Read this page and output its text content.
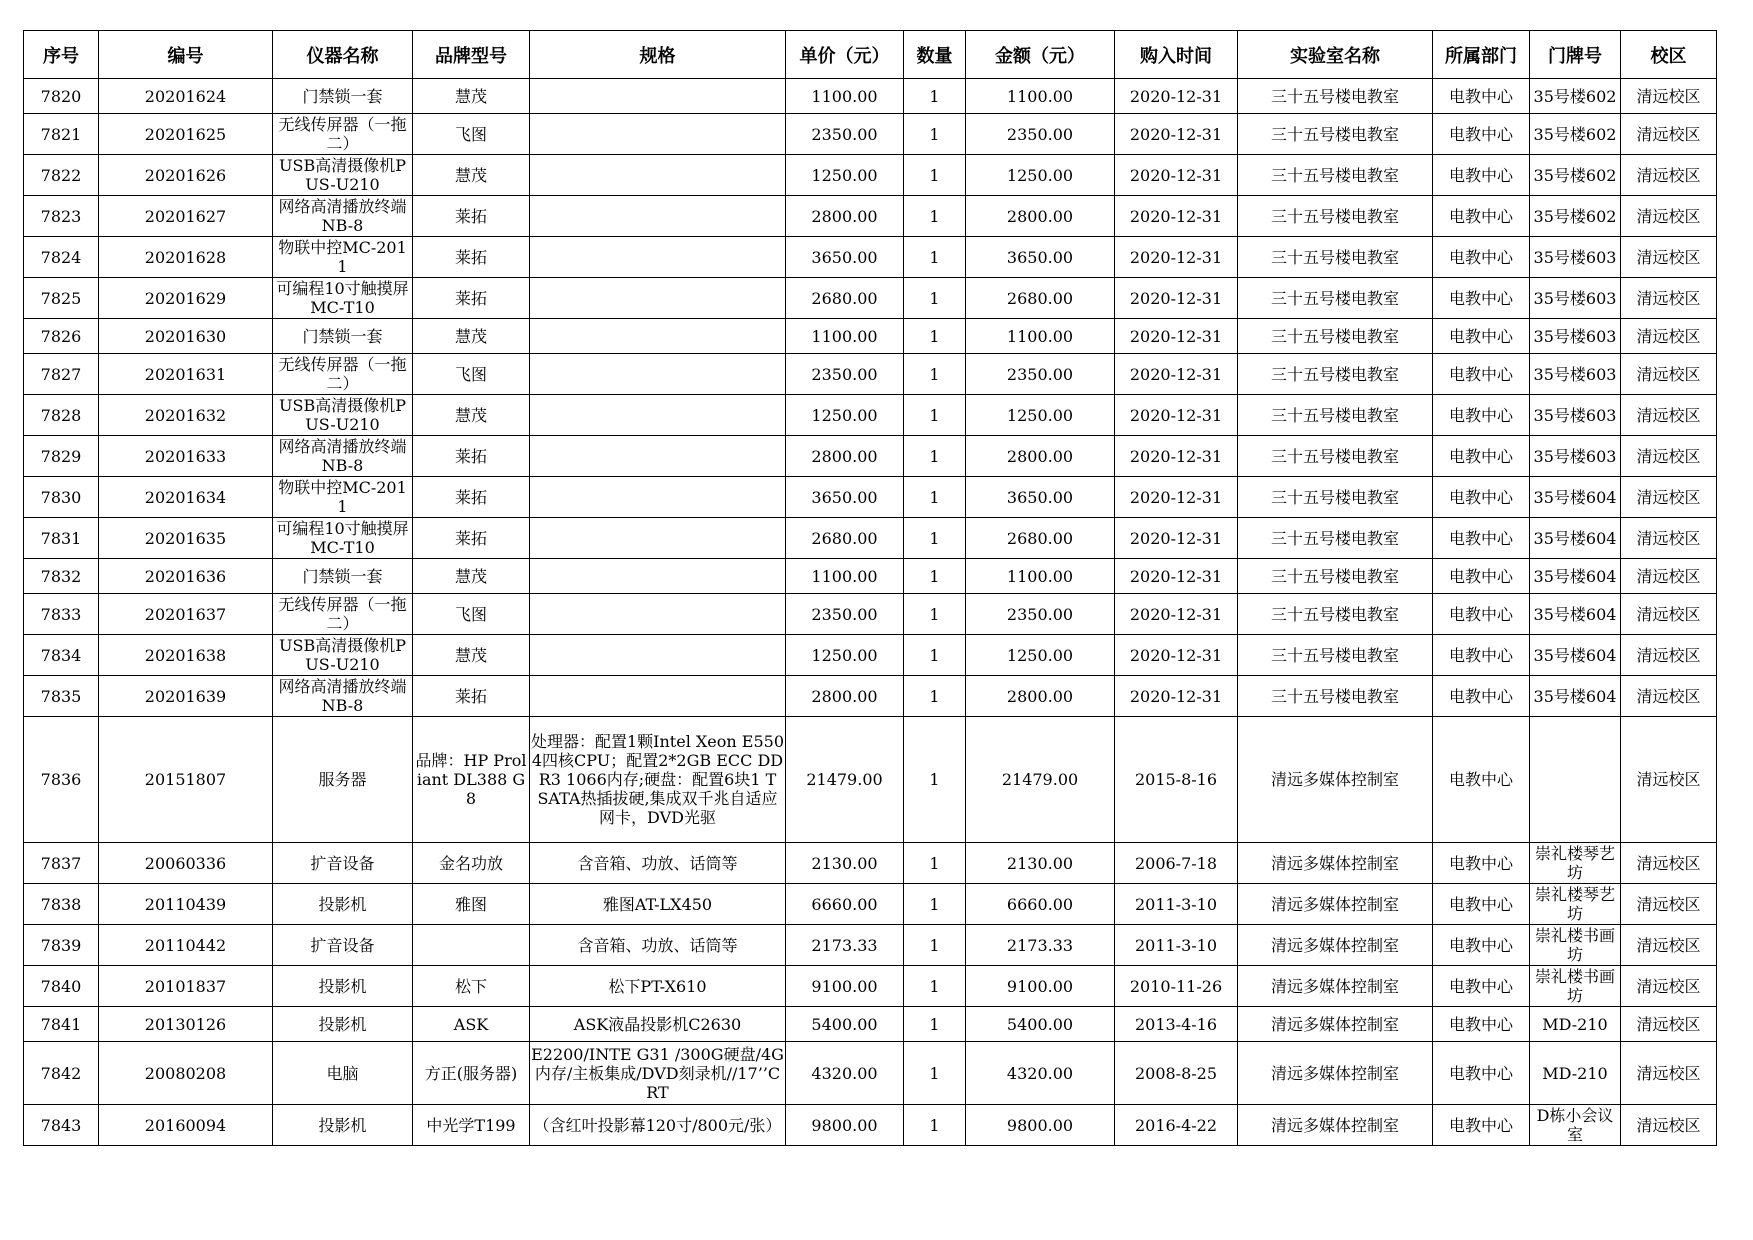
序号	编号	仪器名称	品牌型号	规格	单价（元）	数量	金额（元）	购入时间	实验室名称	所属部门	门牌号	校区

7820	20201624	门禁锁一套	慧茂		1100.00	1	1100.00	2020-12-31	三十五号楼电教室	电教中心	35号楼602	清远校区

7821	20201625	无线传屏器（一拖二）	飞图		2350.00	1	2350.00	2020-12-31	三十五号楼电教室	电教中心	35号楼602	清远校区

7822	20201626	USB高清摄像机PUS-U210	慧茂		1250.00	1	1250.00	2020-12-31	三十五号楼电教室	电教中心	35号楼602	清远校区

7823	20201627	网络高清播放终端NB-8	莱拓		2800.00	1	2800.00	2020-12-31	三十五号楼电教室	电教中心	35号楼602	清远校区

7824	20201628	物联中控MC-2011	莱拓		3650.00	1	3650.00	2020-12-31	三十五号楼电教室	电教中心	35号楼603	清远校区

7825	20201629	可编程10寸触摸屏MC-T10	莱拓		2680.00	1	2680.00	2020-12-31	三十五号楼电教室	电教中心	35号楼603	清远校区

7826	20201630	门禁锁一套	慧茂		1100.00	1	1100.00	2020-12-31	三十五号楼电教室	电教中心	35号楼603	清远校区

7827	20201631	无线传屏器（一拖二）	飞图		2350.00	1	2350.00	2020-12-31	三十五号楼电教室	电教中心	35号楼603	清远校区

7828	20201632	USB高清摄像机PUS-U210	慧茂		1250.00	1	1250.00	2020-12-31	三十五号楼电教室	电教中心	35号楼603	清远校区

7829	20201633	网络高清播放终端NB-8	莱拓		2800.00	1	2800.00	2020-12-31	三十五号楼电教室	电教中心	35号楼603	清远校区

7830	20201634	物联中控MC-2011	莱拓		3650.00	1	3650.00	2020-12-31	三十五号楼电教室	电教中心	35号楼604	清远校区

7831	20201635	可编程10寸触摸屏MC-T10	莱拓		2680.00	1	2680.00	2020-12-31	三十五号楼电教室	电教中心	35号楼604	清远校区

7832	20201636	门禁锁一套	慧茂		1100.00	1	1100.00	2020-12-31	三十五号楼电教室	电教中心	35号楼604	清远校区

7833	20201637	无线传屏器（一拖二）	飞图		2350.00	1	2350.00	2020-12-31	三十五号楼电教室	电教中心	35号楼604	清远校区

7834	20201638	USB高清摄像机PUS-U210	慧茂		1250.00	1	1250.00	2020-12-31	三十五号楼电教室	电教中心	35号楼604	清远校区

7835	20201639	网络高清播放终端NB-8	莱拓		2800.00	1	2800.00	2020-12-31	三十五号楼电教室	电教中心	35号楼604	清远校区

7836	20151807	服务器	品牌：HP Proliant DL388 G8	处理器：配置1颗Intel Xeon E5504四核CPU；配置2*2GB ECC DDR3 1066内存;硬盘：配置6块1 T SATA热插拔硬,集成双千兆自适应网卡，DVD光驱	21479.00	1	21479.00	2015-8-16	清远多媒体控制室	电教中心		清远校区

7837	20060336	扩音设备	金名功放	含音箱、功放、话筒等	2130.00	1	2130.00	2006-7-18	清远多媒体控制室	电教中心	崇礼楼琴艺坊	清远校区

7838	20110439	投影机	雅图	雅图AT-LX450	6660.00	1	6660.00	2011-3-10	清远多媒体控制室	电教中心	崇礼楼琴艺坊	清远校区

7839	20110442	扩音设备		含音箱、功放、话筒等	2173.33	1	2173.33	2011-3-10	清远多媒体控制室	电教中心	崇礼楼书画坊	清远校区

7840	20101837	投影机	松下	松下PT-X610	9100.00	1	9100.00	2010-11-26	清远多媒体控制室	电教中心	崇礼楼书画坊	清远校区

7841	20130126	投影机	ASK	ASK液晶投影机C2630	5400.00	1	5400.00	2013-4-16	清远多媒体控制室	电教中心	MD-210	清远校区

7842	20080208	电脑	方正(服务器)	E2200/INTE G31 /300G硬盘/4G内存/主板集成/DVD刻录机//17’’CRT	4320.00	1	4320.00	2008-8-25	清远多媒体控制室	电教中心	MD-210	清远校区

7843	20160094	投影机	中光学T199	（含红叶投影幕120寸/800元/张）	9800.00	1	9800.00	2016-4-22	清远多媒体控制室	电教中心	D栋小会议室	清远校区
